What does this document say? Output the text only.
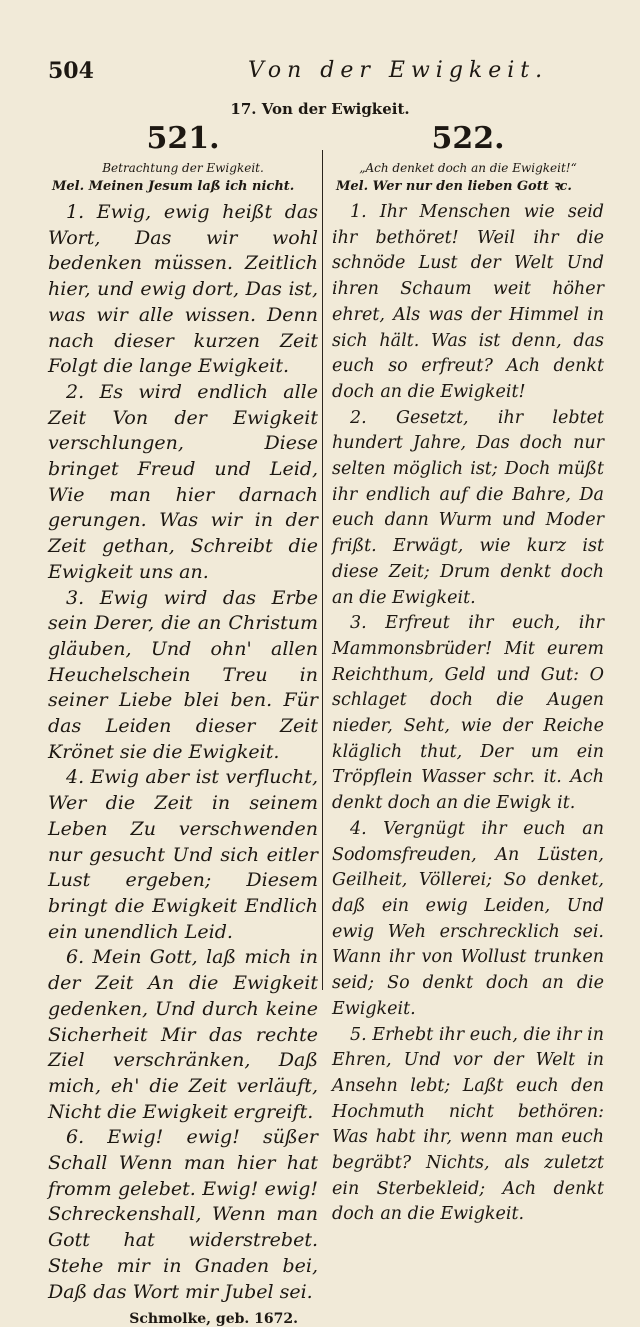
504	Von der Ewigkeit.
17. Von der Ewigkeit.
521.
Betrachtung der Ewigkeit.
Mel. Meinen Jesum laß ich nicht.

1. Ewig, ewig heißt das Wort, Das wir wohl bedenken müssen. Zeitlich hier, und ewig dort, Das ist, was wir alle wissen. Denn nach dieser kurzen Zeit Folgt die lange Ewigkeit.

2. Es wird endlich alle Zeit Von der Ewigkeit verschlungen, Diese bringet Freud und Leid, Wie man hier darnach gerungen. Was wir in der Zeit gethan, Schreibt die Ewigkeit uns an.

3. Ewig wird das Erbe sein Derer, die an Christum gläuben, Und ohn' allen Heuchelschein Treu in seiner Liebe blei ben. Für das Leiden dieser Zeit Krönet sie die Ewigkeit.

4. Ewig aber ist verflucht, Wer die Zeit in seinem Leben Zu verschwenden nur gesucht Und sich eitler Lust ergeben; Diesem bringt die Ewigkeit Endlich ein unendlich Leid.

6. Mein Gott, laß mich in der Zeit An die Ewigkeit gedenken, Und durch keine Sicherheit Mir das rechte Ziel verschränken, Daß mich, eh' die Zeit verläuft, Nicht die Ewigkeit ergreift.

6. Ewig! ewig! süßer Schall Wenn man hier hat fromm gelebet. Ewig! ewig! Schreckenshall, Wenn man Gott hat widerstrebet. Stehe mir in Gnaden bei, Daß das Wort mir Jubel sei.

Schmolke, geb. 1672.
522.
„Ach denket doch an die Ewigkeit!“
Mel. Wer nur den lieben Gott ꝛc.

1. Ihr Menschen wie seid ihr bethöret! Weil ihr die schnöde Lust der Welt Und ihren Schaum weit höher ehret, Als was der Himmel in sich hält. Was ist denn, das euch so erfreut? Ach denkt doch an die Ewigkeit!

2. Gesetzt, ihr lebtet hundert Jahre, Das doch nur selten möglich ist; Doch müßt ihr endlich auf die Bahre, Da euch dann Wurm und Moder frißt. Erwägt, wie kurz ist diese Zeit; Drum denkt doch an die Ewigkeit.

3. Erfreut ihr euch, ihr Mammonsbrüder! Mit eurem Reichthum, Geld und Gut: O schlaget doch die Augen nieder, Seht, wie der Reiche kläglich thut, Der um ein Tröpflein Wasser schr. it. Ach denkt doch an die Ewigk it.

4. Vergnügt ihr euch an Sodomsfreuden, An Lüsten, Geilheit, Völlerei; So denket, daß ein ewig Leiden, Und ewig Weh erschrecklich sei. Wann ihr von Wollust trunken seid; So denkt doch an die Ewigkeit.

5. Erhebt ihr euch, die ihr in Ehren, Und vor der Welt in Ansehn lebt; Laßt euch den Hochmuth nicht bethören: Was habt ihr, wenn man euch begräbt? Nichts, als zuletzt ein Sterbekleid; Ach denkt doch an die Ewigkeit.
